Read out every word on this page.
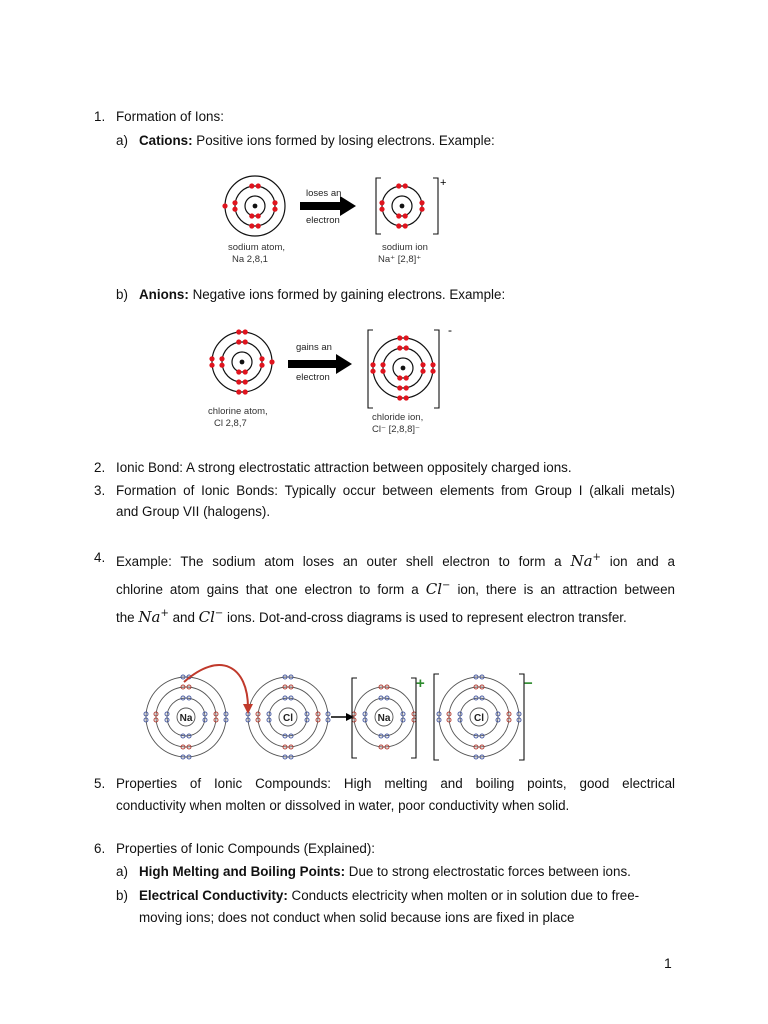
1. Formation of Ions:
a) Cations: Positive ions formed by losing electrons. Example:
loses an
electron
+
sodium atom,
Na 2,8,1
sodium ion
Na⁺ [2,8]⁺
b) Anions: Negative ions formed by gaining electrons. Example:
gains an
electron
-
chlorine atom,
Cl 2,8,7
chloride ion,
Cl⁻ [2,8,8]⁻
2. Ionic Bond: A strong electrostatic attraction between oppositely charged ions.
3. Formation of Ionic Bonds: Typically occur between elements from Group I (alkali metals)
and Group VII (halogens).
4. Example: The sodium atom loses an outer shell electron to form a Na+ ion and a
chlorine atom gains that one electron to form a Cl− ion, there is an attraction between
the Na+ and Cl− ions. Dot-and-cross diagrams is used to represent electron transfer.
Na	Cl	Na	Cl
+	−
5. Properties of Ionic Compounds: High melting and boiling points, good electrical
conductivity when molten or dissolved in water, poor conductivity when solid.
6. Properties of Ionic Compounds (Explained):
a) High Melting and Boiling Points: Due to strong electrostatic forces between ions.
b) Electrical Conductivity: Conducts electricity when molten or in solution due to free-
moving ions; does not conduct when solid because ions are fixed in place
1
